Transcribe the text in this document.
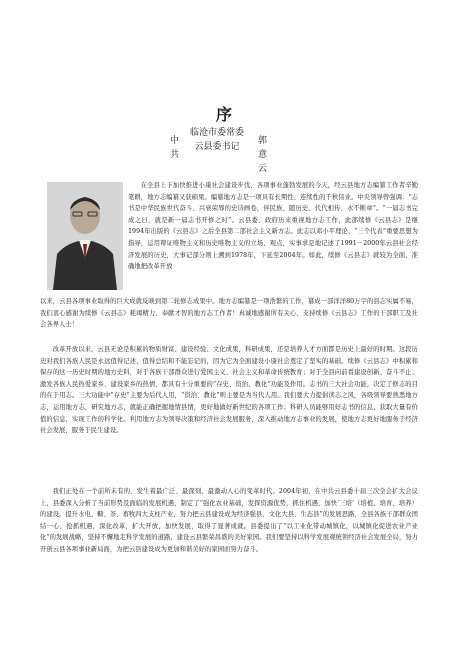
序
中共
临沧市委常委
云县委书记
郭意云
在全县上下加快推进小康社会建设步伐、各项事业蓬勃发展的今天，经云县地方志编纂工作者辛勤笔耕，地方志编纂又获硕果。编纂地方志是一项具有长期性、连续性的千秋伟业。中央领导曾强调：“志书是中华民族世代奋斗、兴衰荣辱的史诗画卷，伴民族、随历史、代代相传、水不断章”。“一届志书完成之日，就是新一届志书开修之时”。云县委、政府历来重视地方志工作，此部续修《云县志》是继1994年出版的《云县志》之后全县第二部社会主义新方志。此志以邓小平理论、“三个代表”重要思想为指导，运用辩证唯物主义和历史唯物主义的立场、观点，实事求是地记述了1991－2000年云县社会经济发展的历史，大事记部分则上溯到1978年，下延至2004年。如此，续修《云县志》就较为全面、准确地把改革开放
以来，云县各项事业取得的巨大成就反映到第二轮修志成果中。地方志编纂是一项浩繁的工作，纂成一部洋洋80万字的县志实属不易，我们衷心感谢为续修《云县志》耗竭精力、奉献才智的地方志工作者！真诚地感谢所有关心、支持续修《云县志》工作的干部职工及社会各界人士！
改革开放以来，云县无论是积累的物质财富、建设经验、文化成果，科研成果，还是培养人才方面都是历史上最好的时期。这段历史对我们各族人民是永远值得记述、值得总结和不能忘记的，因为它为全面建设小康社会奠定了坚实的基础。续修《云县志》中积累和保存的这一历史时期的地方史料，对于各族干部群众进行爱国主义、社会主义和革命传统教育；对于全县向前看建设创新、奋斗不止；激发各族人民热爱家乡、建设家乡的热情，都具有十分重要的“存史、资治、教化”功能及作用。志书的三大社会功能，决定了修志的目的在于用志。三大功能中“存史”主要为后代人用，“资治、教化”则主要是为当代人用。我们要大力提倡读志之风，各级领导要熟悉地方志，运用地方志，研究地方志，就能正确把握地情县情，更好地做好新世纪的各项工作；科研人员能够用好志书的信息，获取大量有价值的信息，实现工作的科学化。利用地方志为领导决策和经济社会发展服务，深入推动地方志事业的发展，使地方志更好地服务于经济社会发展，服务于民生建设。
我们正处在一个前所未有的、发生着最广泛、最深刻、最激动人心的变革时代。2004年初，在中共云县委十届三次全会扩大会议上，县委深入分析了当前形势及面临的发展机遇，制定了“强化农业基础，发挥资源优势，抓住机遇，加快‘三培’（培植、培育、培养）的建设，提升水电、糖、茶、畜牧四大支柱产业，努力把云县建设成为经济强县、文化大县、生态县”的发展思路，全县各族干部群众团结一心，抢抓机遇，深化改革，扩大开放，加快发展，取得了显著成就。县委提出了“以工业化带动城镇化，以城镇化促进农业产业化”的发展战略，坚持不懈地走科学发展的道路，建设云县繁荣昌盛的美好家园。我们要坚持以科学发展观统领经济社会发展全局，努力开创云县各项事业新局面，为把云县建设成为更加和谐美好的家园而努力奋斗。
